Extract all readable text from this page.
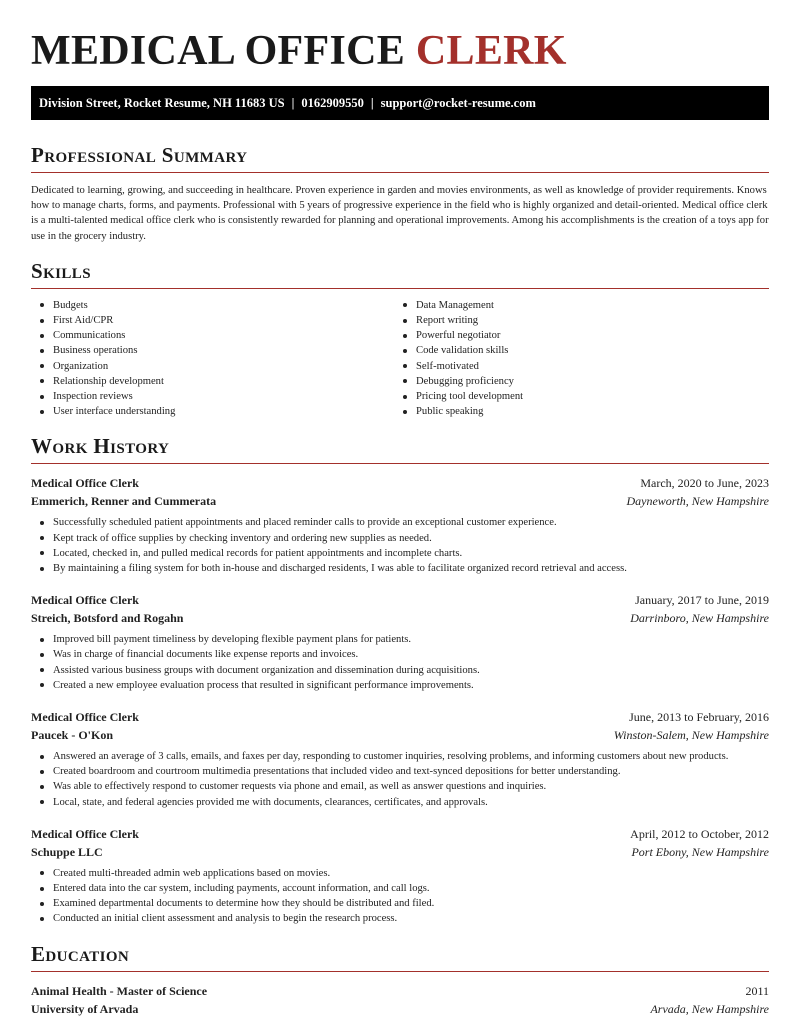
MEDICAL OFFICE CLERK
Division Street, Rocket Resume, NH 11683 US | 0162909550 | support@rocket-resume.com
Professional Summary

Dedicated to learning, growing, and succeeding in healthcare. Proven experience in garden and movies environments, as well as knowledge of provider requirements. Knows how to manage charts, forms, and payments. Professional with 5 years of progressive experience in the field who is highly organized and detail-oriented. Medical office clerk is a multi-talented medical office clerk who is consistently rewarded for planning and operational improvements. Among his accomplishments is the creation of a toys app for use in the grocery industry.

Skills
Budgets
First Aid/CPR
Communications
Business operations
Organization
Relationship development
Inspection reviews
User interface understanding
Data Management
Report writing
Powerful negotiator
Code validation skills
Self-motivated
Debugging proficiency
Pricing tool development
Public speaking
Work History
Medical Office Clerk	March, 2020 to June, 2023
Emmerich, Renner and Cummerata	Dayneworth, New Hampshire
Successfully scheduled patient appointments and placed reminder calls to provide an exceptional customer experience.
Kept track of office supplies by checking inventory and ordering new supplies as needed.
Located, checked in, and pulled medical records for patient appointments and incomplete charts.
By maintaining a filing system for both in-house and discharged residents, I was able to facilitate organized record retrieval and access.
Medical Office Clerk	January, 2017 to June, 2019
Streich, Botsford and Rogahn	Darrinboro, New Hampshire
Improved bill payment timeliness by developing flexible payment plans for patients.
Was in charge of financial documents like expense reports and invoices.
Assisted various business groups with document organization and dissemination during acquisitions.
Created a new employee evaluation process that resulted in significant performance improvements.
Medical Office Clerk	June, 2013 to February, 2016
Paucek - O'Kon	Winston-Salem, New Hampshire
Answered an average of 3 calls, emails, and faxes per day, responding to customer inquiries, resolving problems, and informing customers about new products.
Created boardroom and courtroom multimedia presentations that included video and text-synced depositions for better understanding.
Was able to effectively respond to customer requests via phone and email, as well as answer questions and inquiries.
Local, state, and federal agencies provided me with documents, clearances, certificates, and approvals.
Medical Office Clerk	April, 2012 to October, 2012
Schuppe LLC	Port Ebony, New Hampshire
Created multi-threaded admin web applications based on movies.
Entered data into the car system, including payments, account information, and call logs.
Examined departmental documents to determine how they should be distributed and filed.
Conducted an initial client assessment and analysis to begin the research process.
Education
Animal Health - Master of Science	2011
University of Arvada	Arvada, New Hampshire
